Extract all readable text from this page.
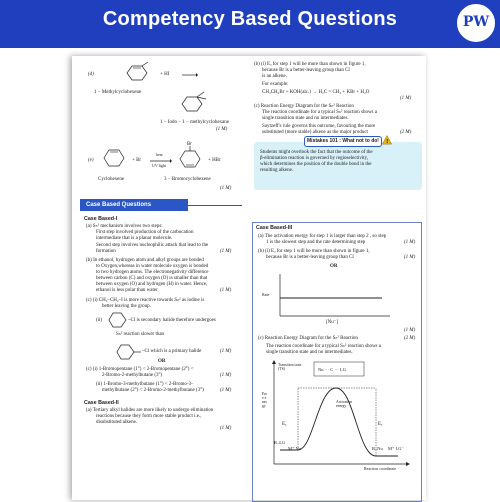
Competency Based Questions	PW
(d)	+ HI
1 − Methylcyclohexene
1 − Iodo − 1 − methylcyclohexane
(1 M)
(e)	+ Br
heat
UV light
Br
+ HBr
Cyclohexene	3 − Bromocyclohexene
(1 M)
Case Based Questions
Case Based-I
(a) Sₙ¹ mechanism involves two steps:
First step involved production of the carbocation
intermediate that is a planar molecule.
Second step involves nucleophilic attack that lead to the
formation	(1 M)
(b) In ethanol, hydrogen atom and alkyl groups are bonded
to Oxygen,whereas in water molecule oxygen is bonded
to two hydrogen atoms. The electronegativity difference
between carbon (C) and oxygen (O) is smaller than that
between oxygen (O) and hydrogen (H) in water. Hence,
ethanol is less polar than water	(1 M)
(c) (i) CH₃–CH₂–I is more reactive towards Sₙ² as iodine is
better leaving the group.
(ii)	–Cl is secondary halide therefore undergoes
Sₙ² reaction slower than
–Cl which is a primary halide	(1 M)
OR
(c) (i) 1-Bromopentane (1°) < 2-Bromopentane (2°) <
2-Bromo-2-methylbutane (3°)	(1 M)
(ii) 1-Bromo-3-methylbutane (1°) < 2-Bromo-3-
methylbutane (2°) < 2-Bromo-2-methylbutane (3°)	(1 M)
Case Based-II
(a) Tertiary alkyl halides are more likely to undergo elimination
reactions because they form more stable product i.e.,
disubstituted alkene.
(1 M)
(b) (i) Eₐ for step 1 will be more than shown in figure 1,
because Br is a better-leaving group than Cl
is an alkene.
For example:
CH₃CH₂Br + KOH(alc.) → H₂C = CH₂ + KBr + H₂O
(1 M)
(c) Reaction Energy Diagram for the Sₙ² Reaction
The reaction coordinate for a typical Sₙ² reaction shows a
single transition state and no intermediates.
Saytzeff's rule governs this outcome, favouring the more
substituted (more stable) alkene as the major product	(2 M)
Mistakes 101 : What not to do!	!
Students might overlook the fact that the outcome of the
β-elimination reaction is governed by regioselectivity,
which determines the position of the double bond in the
resulting alkene.
Case Based-III
(a) The activation energy for step 1 is larger than step 2 , so step
1 is the slowest step and the rate determining step	(1 M)
(b) (i) Eₐ for step 1 will be more than shown in figure 1,
because Br is a better-leaving group than Cl	(1 M)
OR
Rate
[Nu⁻]
(1 M)
(c) Reaction Energy Diagram for the Sₙ² Reaction	(2 M)
The reaction coordinate for a typical Sₙ² reaction shows a
single transition state and no intermediates.
Transition state (TS)	Nu ··· C ··· LG
Eₐ
Activation energy
Eₐ
Free energy
R–LG
M⁺ Nu⁻	R–Nu M⁺ LG⁻
Reaction coordinate
